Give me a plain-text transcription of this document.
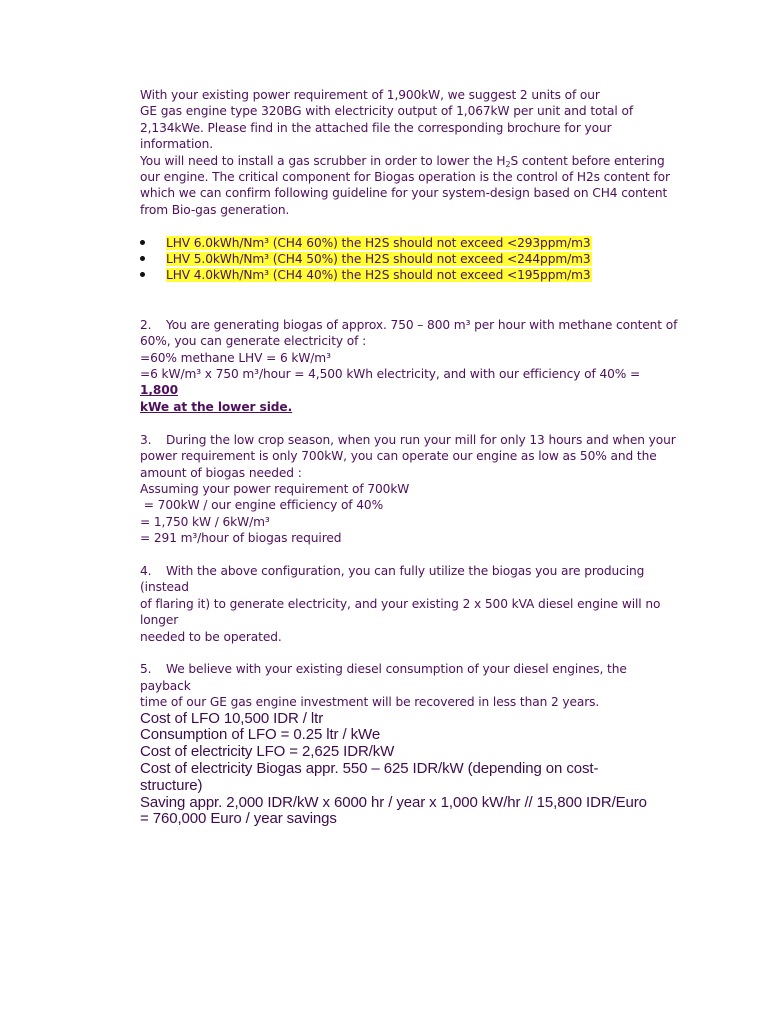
With your existing power requirement of 1,900kW, we suggest 2 units of our

GE gas engine type 320BG with electricity output of 1,067kW per unit and total of

2,134kWe. Please find in the attached file the corresponding brochure for your information.

You will need to install a gas scrubber in order to lower the $H_2S$ content before entering

our engine. The critical component for Biogas operation is the control of H2s content for

which we can confirm following guideline for your system-design based on CH4 content

from Bio-gas generation.

LHV 6.0kWh/Nm³ (CH4 60%) the H2S should not exceed <293ppm/m3
LHV 5.0kWh/Nm³ (CH4 50%) the H2S should not exceed <244ppm/m3
LHV 4.0kWh/Nm³ (CH4 40%) the H2S should not exceed <195ppm/m3

2. You are generating biogas of approx. 750 – 800 m³ per hour with methane content of

60%, you can generate electricity of :

=60% methane LHV = 6 kW/m³

=6 kW/m³ x 750 m³/hour = 4,500 kWh electricity, and with our efficiency of 40% = 1,800

kWe at the lower side.

3. During the low crop season, when you run your mill for only 13 hours and when your

power requirement is only 700kW, you can operate our engine as low as 50% and the

amount of biogas needed :

Assuming your power requirement of 700kW

= 700kW / our engine efficiency of 40%

= 1,750 kW / 6kW/m³

= 291 m³/hour of biogas required

4. With the above configuration, you can fully utilize the biogas you are producing (instead

of flaring it) to generate electricity, and your existing 2 x 500 kVA diesel engine will no longer

needed to be operated.

5. We believe with your existing diesel consumption of your diesel engines, the payback

time of our GE gas engine investment will be recovered in less than 2 years.

Cost of LFO 10,500 IDR / ltr

Consumption of LFO = 0.25 ltr / kWe

Cost of electricity LFO = 2,625 IDR/kW

Cost of electricity Biogas appr. 550 – 625 IDR/kW (depending on cost-

structure)

Saving appr. 2,000 IDR/kW x 6000 hr / year x 1,000 kW/hr // 15,800 IDR/Euro

= 760,000 Euro / year savings
